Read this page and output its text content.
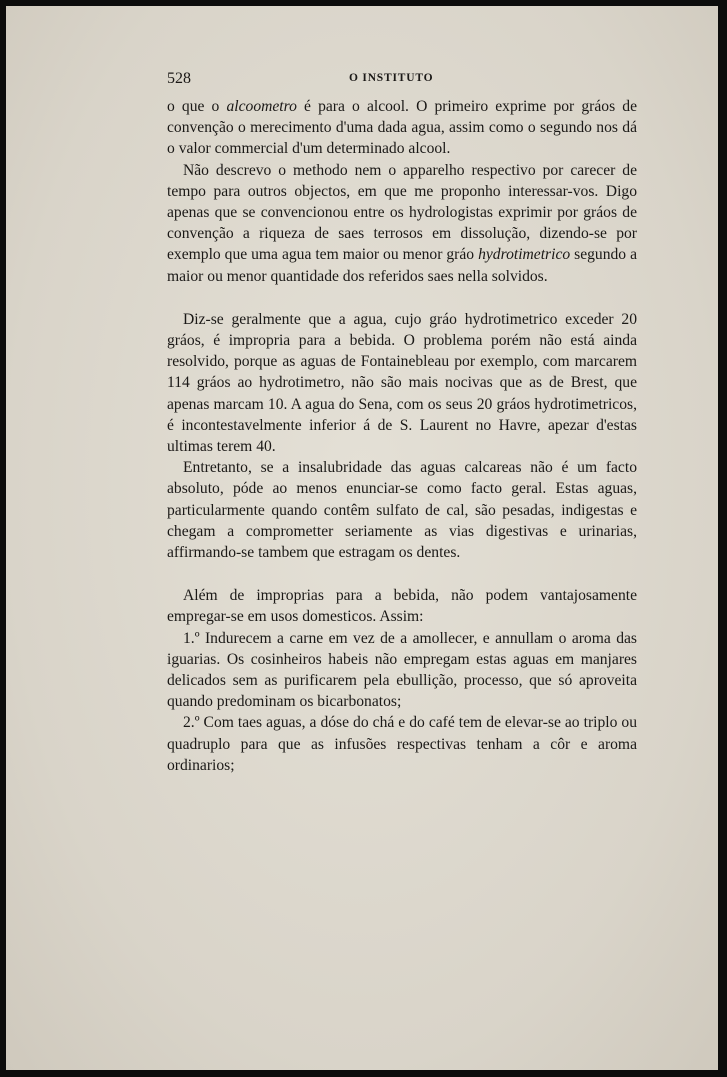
528	O INSTITUTO

o que o alcoometro é para o alcool. O primeiro exprime por gráos de convenção o merecimento d'uma dada agua, assim como o segundo nos dá o valor commercial d'um determinado alcool.

Não descrevo o methodo nem o apparelho respectivo por carecer de tempo para outros objectos, em que me proponho interessar-vos. Digo apenas que se convencionou entre os hydrologistas exprimir por gráos de convenção a riqueza de saes terrosos em dissolução, dizendo-se por exemplo que uma agua tem maior ou menor gráo hydrotimetrico segundo a maior ou menor quantidade dos referidos saes nella solvidos.

Diz-se geralmente que a agua, cujo gráo hydrotimetrico exceder 20 gráos, é impropria para a bebida. O problema porém não está ainda resolvido, porque as aguas de Fontainebleau por exemplo, com marcarem 114 gráos ao hydrotimetro, não são mais nocivas que as de Brest, que apenas marcam 10. A agua do Sena, com os seus 20 gráos hydrotimetricos, é incontestavelmente inferior á de S. Laurent no Havre, apezar d'estas ultimas terem 40.

Entretanto, se a insalubridade das aguas calcareas não é um facto absoluto, póde ao menos enunciar-se como facto geral. Estas aguas, particularmente quando contêm sulfato de cal, são pesadas, indigestas e chegam a comprometter seriamente as vias digestivas e urinarias, affirmando-se tambem que estragam os dentes.

Além de improprias para a bebida, não podem vantajosamente empregar-se em usos domesticos. Assim:

1.º Indurecem a carne em vez de a amollecer, e annullam o aroma das iguarias. Os cosinheiros habeis não empregam estas aguas em manjares delicados sem as purificarem pela ebullição, processo, que só aproveita quando predominam os bicarbonatos;

2.º Com taes aguas, a dóse do chá e do café tem de elevar-se ao triplo ou quadruplo para que as infusões respectivas tenham a côr e aroma ordinarios;
